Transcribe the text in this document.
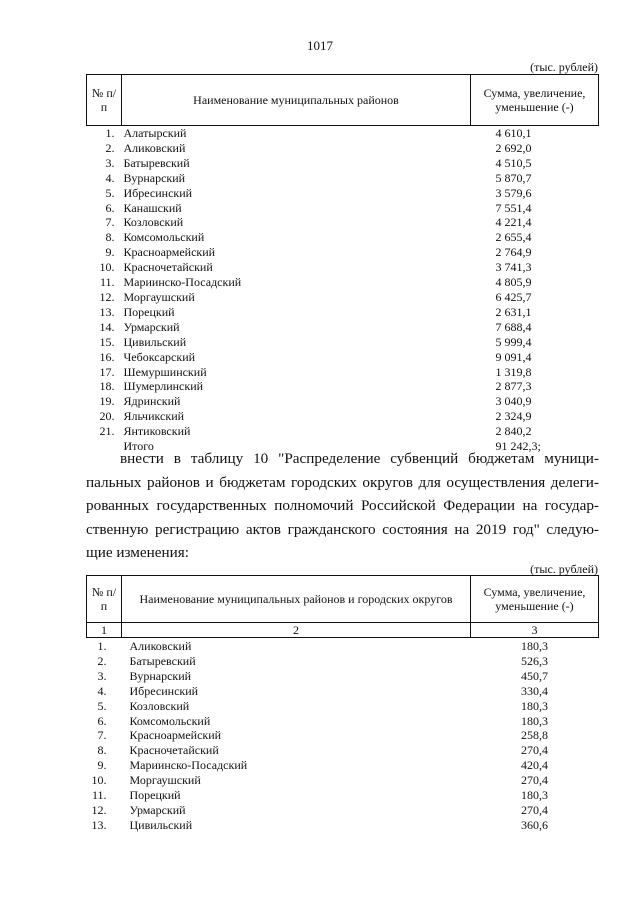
1017
(тыс. рублей)
№ п/п	Наименование муниципальных районов	Сумма, увеличение, уменьшение (-)
1.	Алатырский	4 610,1
2.	Аликовский	2 692,0
3.	Батыревский	4 510,5
4.	Вурнарский	5 870,7
5.	Ибресинский	3 579,6
6.	Канашский	7 551,4
7.	Козловский	4 221,4
8.	Комсомольский	2 655,4
9.	Красноармейский	2 764,9
10.	Красночетайский	3 741,3
11.	Мариинско-Посадский	4 805,9
12.	Моргаушский	6 425,7
13.	Порецкий	2 631,1
14.	Урмарский	7 688,4
15.	Цивильский	5 999,4
16.	Чебоксарский	9 091,4
17.	Шемуршинский	1 319,8
18.	Шумерлинский	2 877,3
19.	Ядринский	3 040,9
20.	Яльчикский	2 324,9
21.	Янтиковский	2 840,2
	Итого	91 242,3;
внести в таблицу 10 "Распределение субвенций бюджетам муници-
пальных районов и бюджетам городских округов для осуществления делеги-
рованных государственных полномочий Российской Федерации на государ-
ственную регистрацию актов гражданского состояния на 2019 год" следую-
щие изменения:
(тыс. рублей)
№ п/п	Наименование муниципальных районов и городских округов	Сумма, увеличение, уменьшение (-)
1	2	3
1.	Аликовский	180,3
2.	Батыревский	526,3
3.	Вурнарский	450,7
4.	Ибресинский	330,4
5.	Козловский	180,3
6.	Комсомольский	180,3
7.	Красноармейский	258,8
8.	Красночетайский	270,4
9.	Мариинско-Посадский	420,4
10.	Моргаушский	270,4
11.	Порецкий	180,3
12.	Урмарский	270,4
13.	Цивильский	360,6
